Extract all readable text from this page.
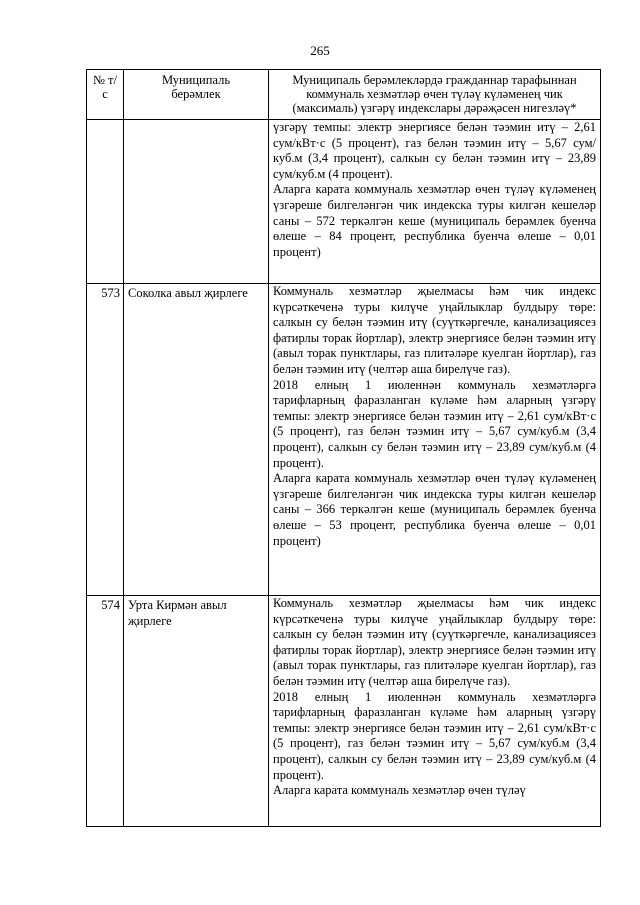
265
№ т/с	Муниципаль берәмлек	Муниципаль берәмлекләрдә гражданнар тарафыннан коммуналь хезмәтләр өчен түләү күләменең чик (максималь) үзгәрү индекслары дәрәҗәсен нигезләү*

		үзгәрү темпы: электр энергиясе белән тәэмин итү – 2,61 сум/кВт·с (5 процент), газ белән тәэмин итү – 5,67 сум/куб.м (3,4 процент), салкын су белән тәэмин итү – 23,89 сум/куб.м (4 процент).

Аларга карата коммуналь хезмәтләр өчен түләү күләменең үзгәреше билгеләнгән чик индекска туры килгән кешеләр саны – 572 теркәлгән кеше (муниципаль берәмлек буенча өлеше – 84 процент, республика буенча өлеше – 0,01 процент)

573	Соколка авыл җирлеге	Коммуналь хезмәтләр җыелмасы һәм чик индекс күрсәткеченә туры килүче уңайлыклар булдыру төре: салкын су белән тәэмин итү (суүткәргечле, канализациясез фатирлы торак йортлар), электр энергиясе белән тәэмин итү (авыл торак пунктлары, газ плитәләре куелган йортлар), газ белән тәэмин итү (челтәр аша бирелүче газ).

2018 елның 1 июленнән коммуналь хезмәтләргә тарифларның фаразланган күләме һәм аларның үзгәрү темпы: электр энергиясе белән тәэмин итү – 2,61 сум/кВт·с (5 процент), газ белән тәэмин итү – 5,67 сум/куб.м (3,4 процент), салкын су белән тәэмин итү – 23,89 сум/куб.м (4 процент).

Аларга карата коммуналь хезмәтләр өчен түләү күләменең үзгәреше билгеләнгән чик индекска туры килгән кешеләр саны – 366 теркәлгән кеше (муниципаль берәмлек буенча өлеше – 53 процент, республика буенча өлеше – 0,01 процент)

574	Урта Кирмән авыл җирлеге	Коммуналь хезмәтләр җыелмасы һәм чик индекс күрсәткеченә туры килүче уңайлыклар булдыру төре: салкын су белән тәэмин итү (суүткәргечле, канализациясез фатирлы торак йортлар), электр энергиясе белән тәэмин итү (авыл торак пунктлары, газ плитәләре куелган йортлар), газ белән тәэмин итү (челтәр аша бирелүче газ).

2018 елның 1 июленнән коммуналь хезмәтләргә тарифларның фаразланган күләме һәм аларның үзгәрү темпы: электр энергиясе белән тәэмин итү – 2,61 сум/кВт·с (5 процент), газ белән тәэмин итү – 5,67 сум/куб.м (3,4 процент), салкын су белән тәэмин итү – 23,89 сум/куб.м (4 процент).

Аларга карата коммуналь хезмәтләр өчен түләү
